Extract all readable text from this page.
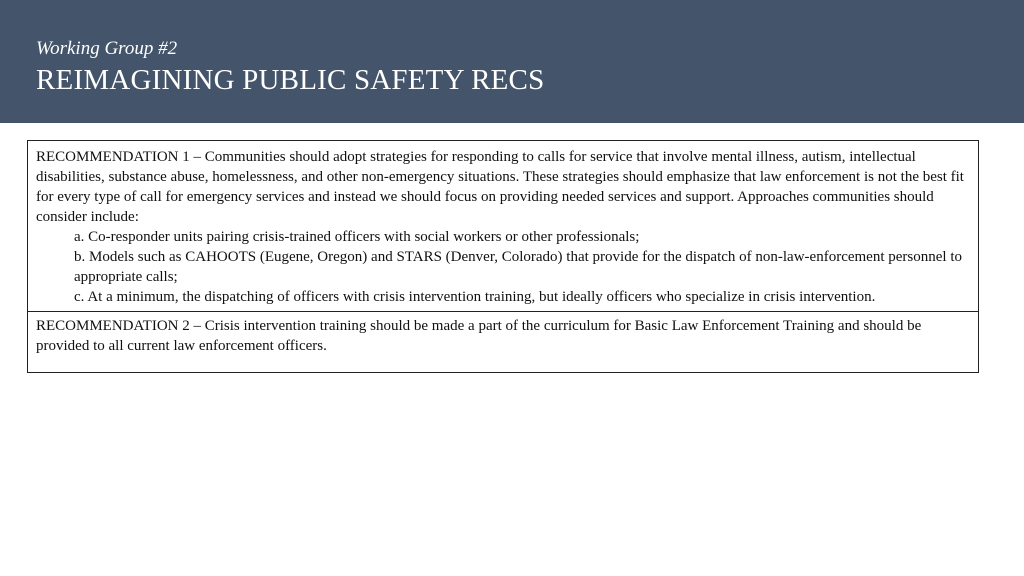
Working Group #2
REIMAGINING PUBLIC SAFETY RECS
RECOMMENDATION 1 – Communities should adopt strategies for responding to calls for service that involve mental illness, autism, intellectual disabilities, substance abuse, homelessness, and other non-emergency situations. These strategies should emphasize that law enforcement is not the best fit for every type of call for emergency services and instead we should focus on providing needed services and support. Approaches communities should consider include:
a. Co-responder units pairing crisis-trained officers with social workers or other professionals;
b. Models such as CAHOOTS (Eugene, Oregon) and STARS (Denver, Colorado) that provide for the dispatch of non-law-enforcement personnel to appropriate calls;
c. At a minimum, the dispatching of officers with crisis intervention training, but ideally officers who specialize in crisis intervention.

RECOMMENDATION 2 – Crisis intervention training should be made a part of the curriculum for Basic Law Enforcement Training and should be provided to all current law enforcement officers.
